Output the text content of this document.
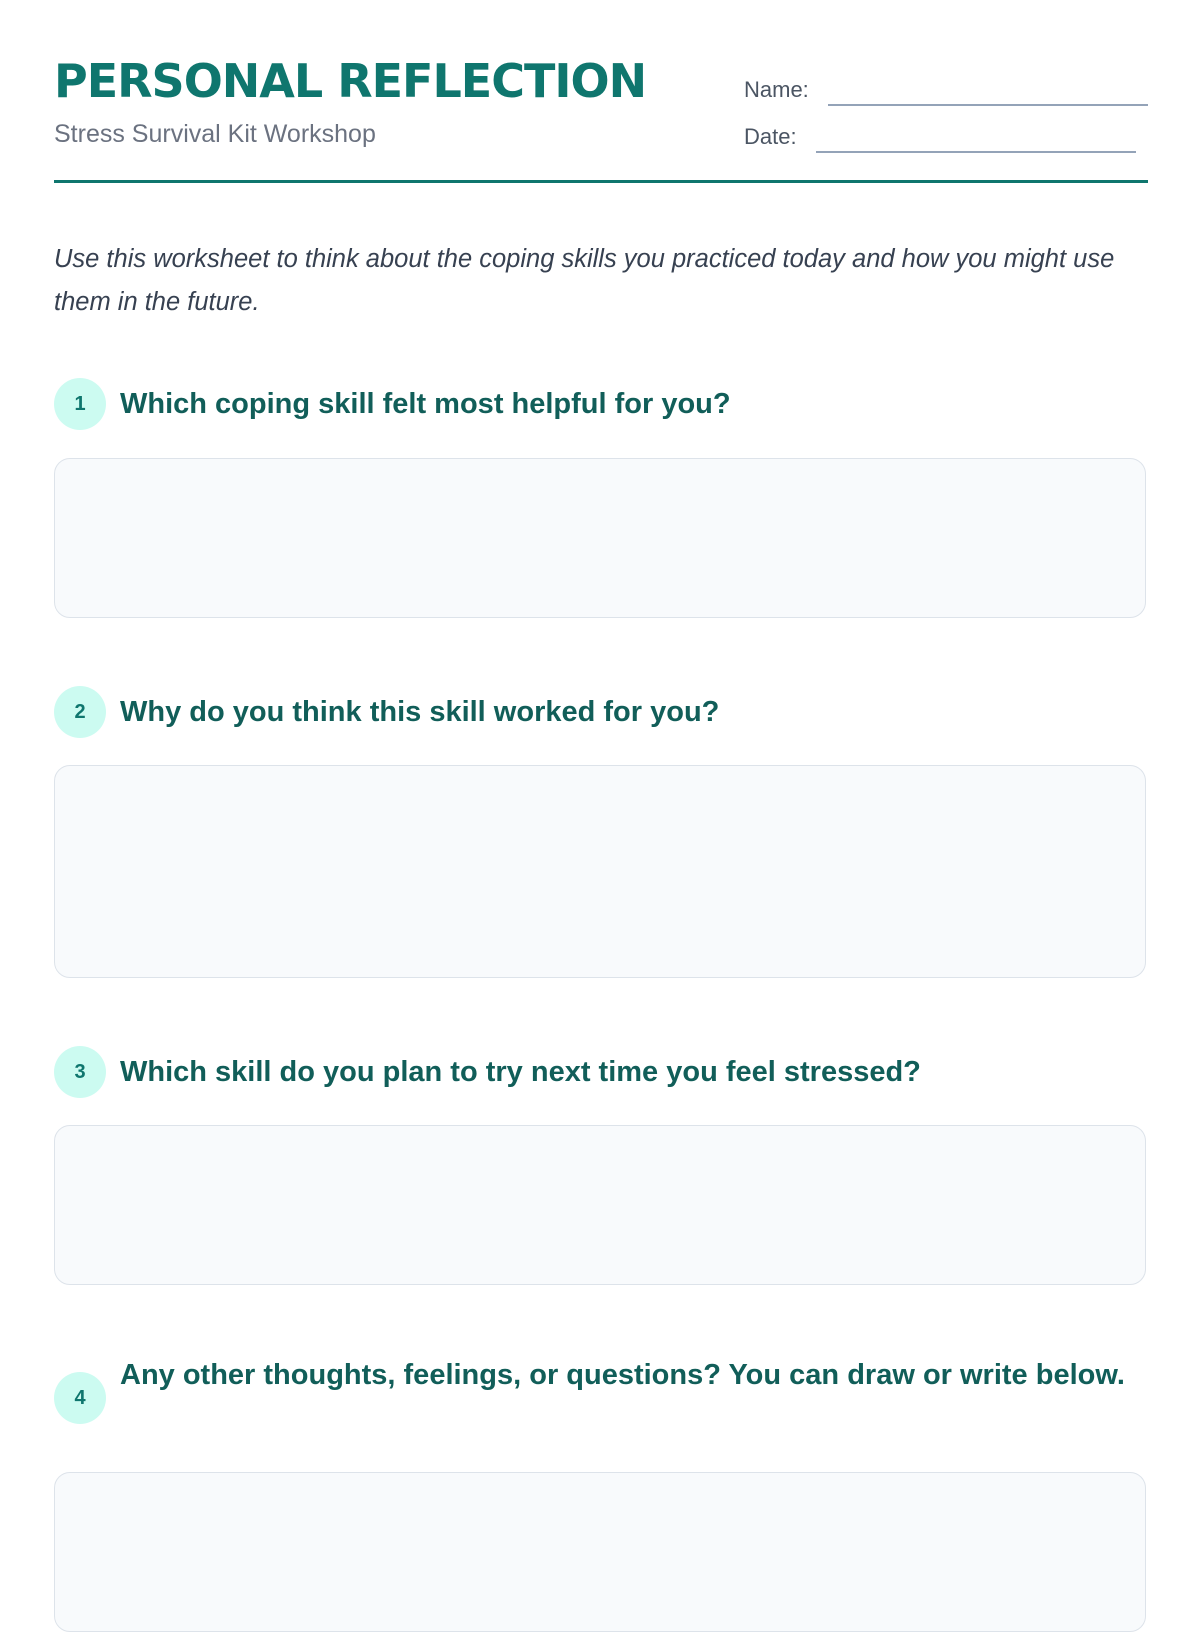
PERSONAL REFLECTION
Stress Survival Kit Workshop
Name:
Date:

Use this worksheet to think about the coping skills you practiced today and how you might use them in the future.

1	Which coping skill felt most helpful for you?

2	Why do you think this skill worked for you?

3	Which skill do you plan to try next time you feel stressed?

4

Any other thoughts, feelings, or questions? You can draw or write below.
